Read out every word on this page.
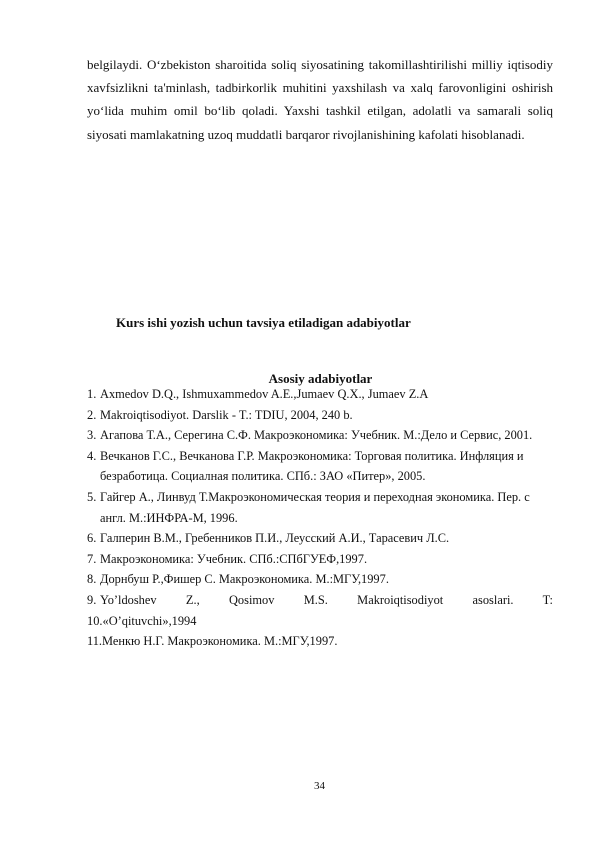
belgilaydi. O‘zbekiston sharoitida soliq siyosatining takomillashtirilishi milliy iqtisodiy xavfsizlikni ta'minlash, tadbirkorlik muhitini yaxshilash va xalq farovonligini oshirish yo‘lida muhim omil bo‘lib qoladi. Yaxshi tashkil etilgan, adolatli va samarali soliq siyosati mamlakatning uzoq muddatli barqaror rivojlanishining kafolati hisoblanadi.

Kurs ishi yozish uchun tavsiya etiladigan adabiyotlar
Asosiy adabiyotlar
1. Axmedov D.Q., Ishmuxammedov A.E.,Jumaev Q.X., Jumaev Z.A
2. Makroiqtisodiyot. Darslik - T.: TDIU, 2004, 240 b.
3. Агапова Т.А., Серегина С.Ф. Макроэкономика: Учебник. М.:Дело и Сервис, 2001.
4. Вечканов Г.С., Вечканова Г.Р. Макроэкономика: Торговая политика. Инфляция и безработица. Социалная политика. СПб.: ЗАО «Питер», 2005.
5. Гайгер А., Линвуд Т.Макроэкономическая теория и переходная экономика. Пер. с англ. М.:ИНФРА-М, 1996.
6. Галперин В.М., Гребенников П.И., Леусский А.И., Тарасевич Л.С.
7. Макроэкономика: Учебник. СПб.:СПбГУЕФ,1997.
8. Дорнбуш Р.,Фишер С. Макроэкономика. М.:МГУ,1997.
9. Yo’ldoshev Z., Qosimov M.S. Makroiqtisodiyot asoslari. T:
10.«O’qituvchi»,1994
11.Менкю Н.Г. Макроэкономика. М.:МГУ,1997.
34
